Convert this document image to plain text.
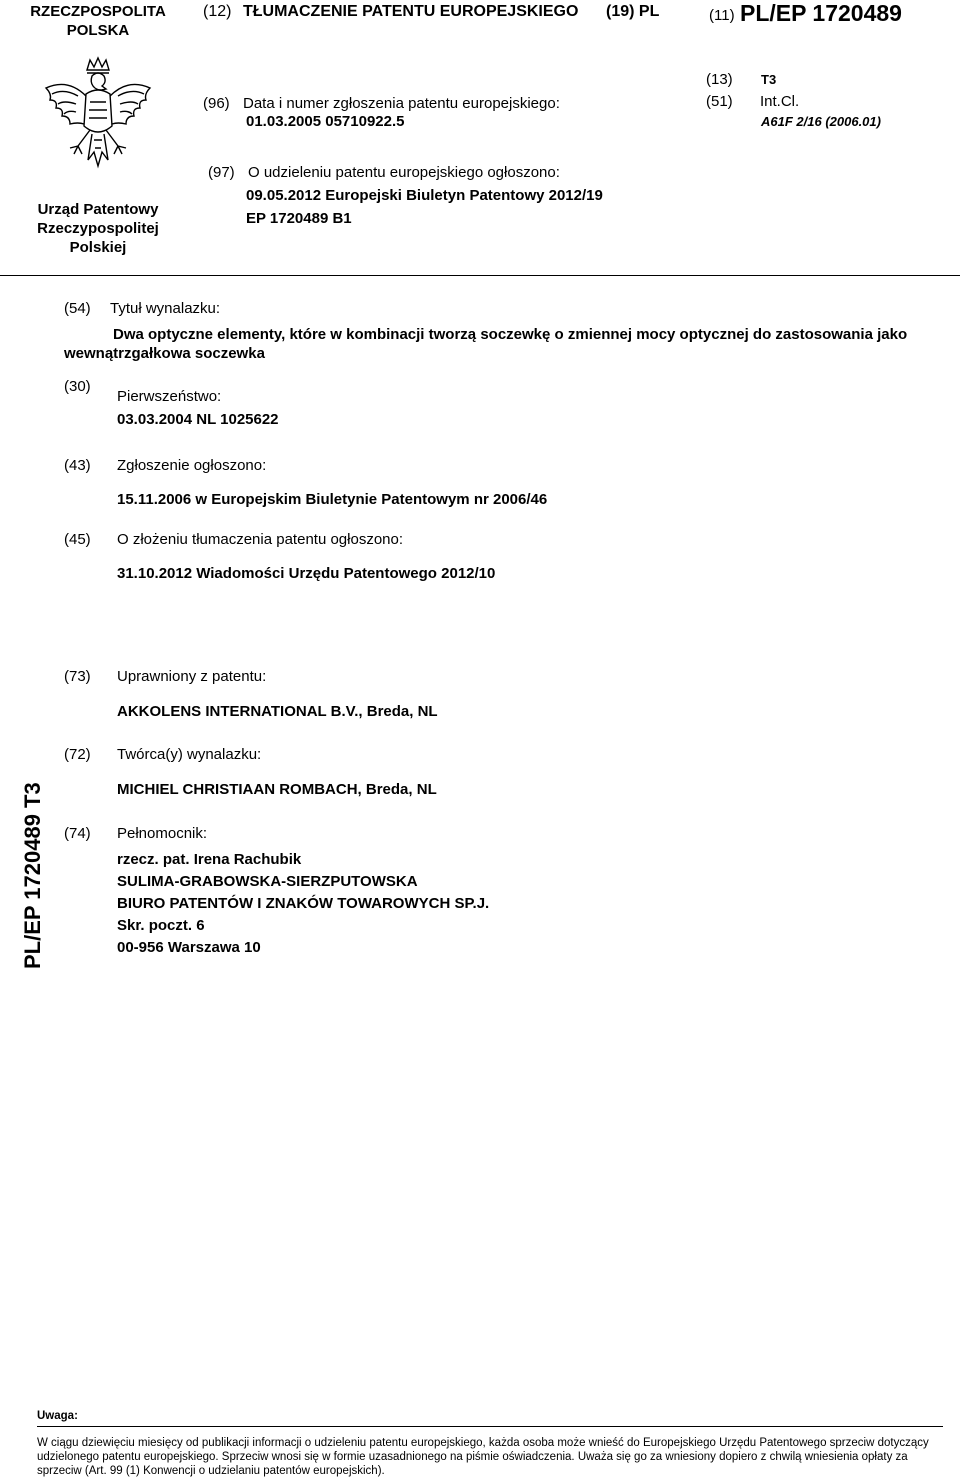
RZECZPOSPOLITA
POLSKA
(12) TŁUMACZENIE PATENTU EUROPEJSKIEGO (19) PL	(11) PL/EP 1720489
Urząd Patentowy
Rzeczypospolitej
Polskiej
(96) Data i numer zgłoszenia patentu europejskiego:
01.03.2005 05710922.5
(13) T3
(51) Int.Cl.
A61F 2/16 (2006.01)
(97) O udzieleniu patentu europejskiego ogłoszono:
09.05.2012 Europejski Biuletyn Patentowy 2012/19
EP 1720489 B1
(54) Tytuł wynalazku:
Dwa optyczne elementy, które w kombinacji tworzą soczewkę o zmiennej mocy optycznej do zastosowania jako
wewnątrzgałkowa soczewka
(30)
Pierwszeństwo:
03.03.2004 NL 1025622
(43) Zgłoszenie ogłoszono:
15.11.2006 w Europejskim Biuletynie Patentowym nr 2006/46
(45) O złożeniu tłumaczenia patentu ogłoszono:
31.10.2012 Wiadomości Urzędu Patentowego 2012/10
(73) Uprawniony z patentu:
AKKOLENS INTERNATIONAL B.V., Breda, NL
(72) Twórca(y) wynalazku:
MICHIEL CHRISTIAAN ROMBACH, Breda, NL
(74) Pełnomocnik:
rzecz. pat. Irena Rachubik
SULIMA-GRABOWSKA-SIERZPUTOWSKA
BIURO PATENTÓW I ZNAKÓW TOWAROWYCH SP.J.
Skr. poczt. 6
00-956 Warszawa 10
PL/EP 1720489 T3
Uwaga:
W ciągu dziewięciu miesięcy od publikacji informacji o udzieleniu patentu europejskiego, każda osoba może wnieść do Europejskiego Urzędu Patentowego sprzeciw dotyczący udzielonego patentu europejskiego. Sprzeciw wnosi się w formie uzasadnionego na piśmie oświadczenia. Uważa się go za wniesiony dopiero z chwilą wniesienia opłaty za sprzeciw (Art. 99 (1) Konwencji o udzielaniu patentów europejskich).
